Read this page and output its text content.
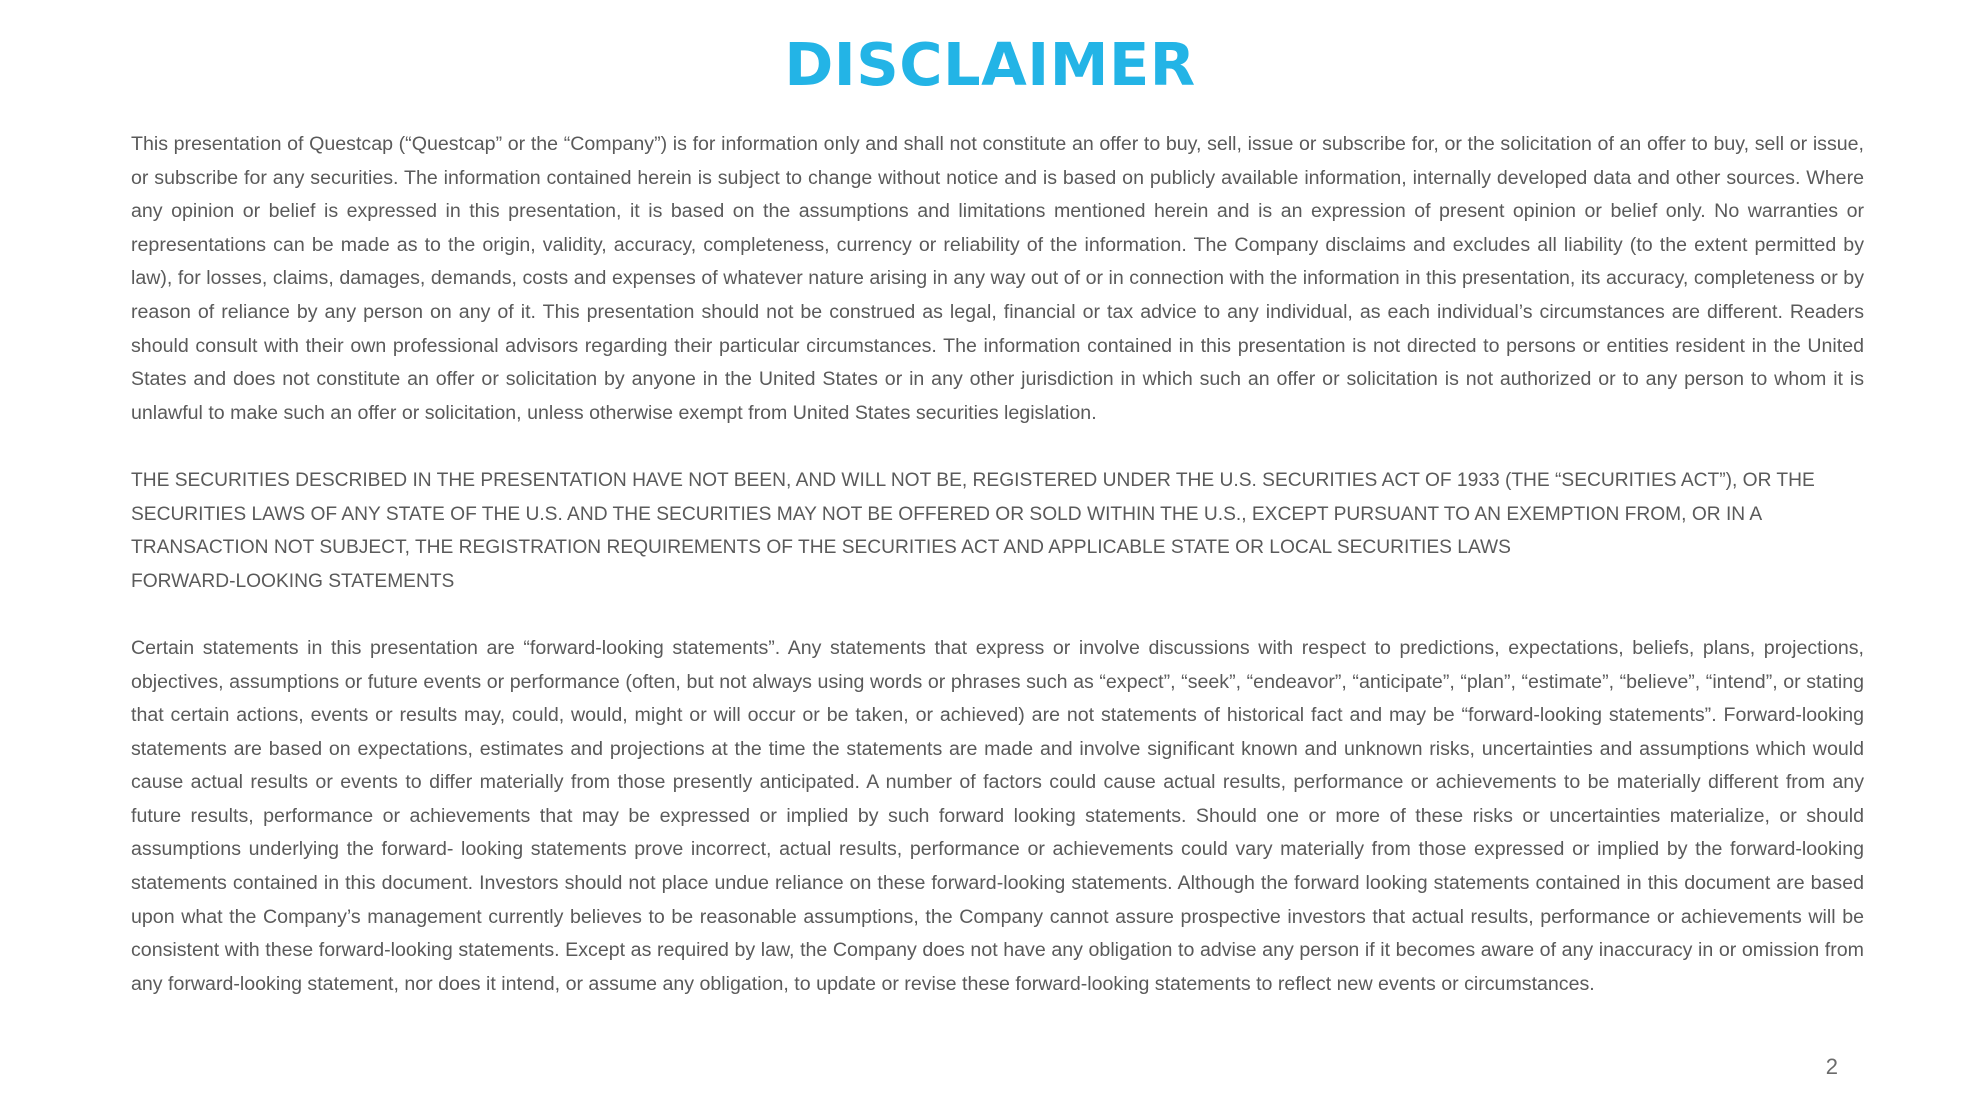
DISCLAIMER

This presentation of Questcap (“Questcap” or the “Company”) is for information only and shall not constitute an offer to buy, sell, issue or subscribe for, or the solicitation of an offer to buy, sell or issue, or subscribe for any securities. The information contained herein is subject to change without notice and is based on publicly available information, internally developed data and other sources. Where any opinion or belief is expressed in this presentation, it is based on the assumptions and limitations mentioned herein and is an expression of present opinion or belief only. No warranties or representations can be made as to the origin, validity, accuracy, completeness, currency or reliability of the information. The Company disclaims and excludes all liability (to the extent permitted by law), for losses, claims, damages, demands, costs and expenses of whatever nature arising in any way out of or in connection with the information in this presentation, its accuracy, completeness or by reason of reliance by any person on any of it. This presentation should not be construed as legal, financial or tax advice to any individual, as each individual’s circumstances are different. Readers should consult with their own professional advisors regarding their particular circumstances. The information contained in this presentation is not directed to persons or entities resident in the United States and does not constitute an offer or solicitation by anyone in the United States or in any other jurisdiction in which such an offer or solicitation is not authorized or to any person to whom it is unlawful to make such an offer or solicitation, unless otherwise exempt from United States securities legislation.

THE SECURITIES DESCRIBED IN THE PRESENTATION HAVE NOT BEEN, AND WILL NOT BE, REGISTERED UNDER THE U.S. SECURITIES ACT OF 1933 (THE “SECURITIES ACT”), OR THE SECURITIES LAWS OF ANY STATE OF THE U.S. AND THE SECURITIES MAY NOT BE OFFERED OR SOLD WITHIN THE U.S., EXCEPT PURSUANT TO AN EXEMPTION FROM, OR IN A TRANSACTION NOT SUBJECT, THE REGISTRATION REQUIREMENTS OF THE SECURITIES ACT AND APPLICABLE STATE OR LOCAL SECURITIES LAWS

FORWARD-LOOKING STATEMENTS

Certain statements in this presentation are “forward-looking statements”. Any statements that express or involve discussions with respect to predictions, expectations, beliefs, plans, projections, objectives, assumptions or future events or performance (often, but not always using words or phrases such as “expect”, “seek”, “endeavor”, “anticipate”, “plan”, “estimate”, “believe”, “intend”, or stating that certain actions, events or results may, could, would, might or will occur or be taken, or achieved) are not statements of historical fact and may be “forward-looking statements”. Forward-looking statements are based on expectations, estimates and projections at the time the statements are made and involve significant known and unknown risks, uncertainties and assumptions which would cause actual results or events to differ materially from those presently anticipated. A number of factors could cause actual results, performance or achievements to be materially different from any future results, performance or achievements that may be expressed or implied by such forward looking statements. Should one or more of these risks or uncertainties materialize, or should assumptions underlying the forward- looking statements prove incorrect, actual results, performance or achievements could vary materially from those expressed or implied by the forward-looking statements contained in this document. Investors should not place undue reliance on these forward-looking statements. Although the forward looking statements contained in this document are based upon what the Company’s management currently believes to be reasonable assumptions, the Company cannot assure prospective investors that actual results, performance or achievements will be consistent with these forward-looking statements. Except as required by law, the Company does not have any obligation to advise any person if it becomes aware of any inaccuracy in or omission from any forward-looking statement, nor does it intend, or assume any obligation, to update or revise these forward-looking statements to reflect new events or circumstances.

2
